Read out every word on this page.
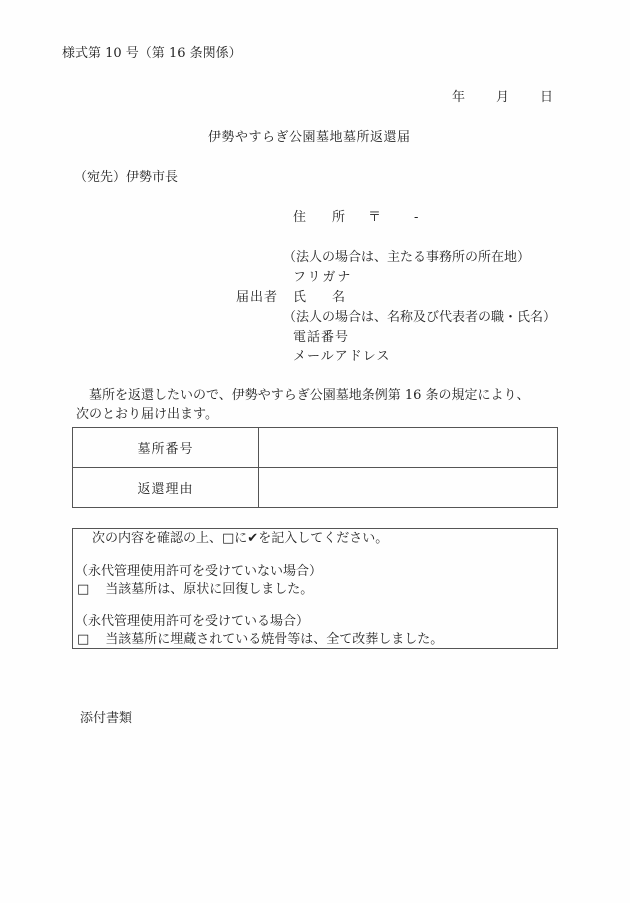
様式第 10 号（第 16 条関係）
年 月 日
伊勢やすらぎ公園墓地墓所返還届
（宛先）伊勢市長
住　　所 〒	-
（法人の場合は、主たる事務所の所在地）
フリガナ
届出者 氏　　名
（法人の場合は、名称及び代表者の職・氏名）
電話番号
メールアドレス
　墓所を返還したいので、伊勢やすらぎ公園墓地条例第 16 条の規定により、
次のとおり届け出ます。
墓所番号	
返還理由	
　次の内容を確認の上、□に✔を記入してください。
（永代管理使用許可を受けていない場合）
□ 当該墓所は、原状に回復しました。
（永代管理使用許可を受けている場合）
□ 当該墓所に埋蔵されている焼骨等は、全て改葬しました。
添付書類
